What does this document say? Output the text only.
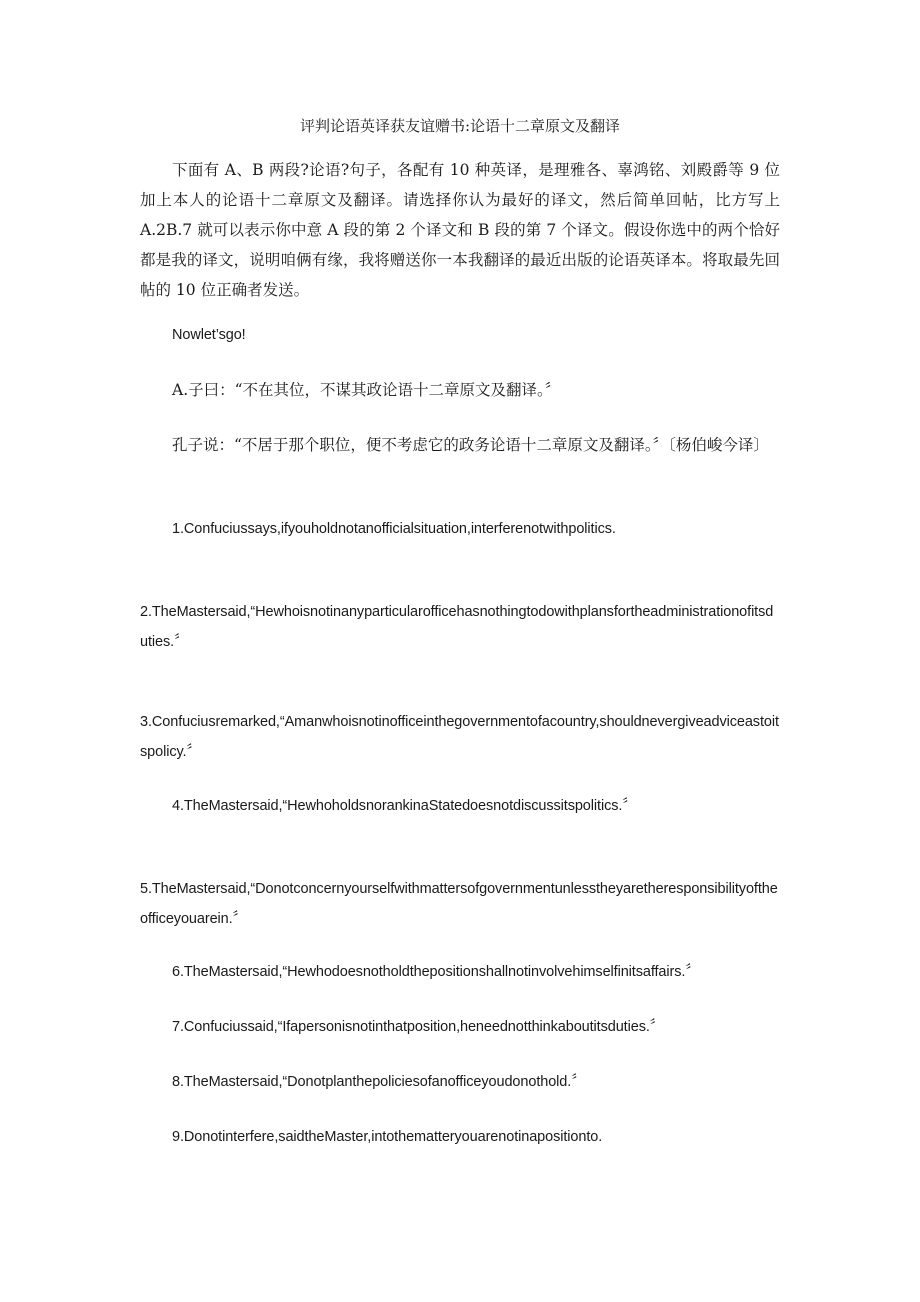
评判论语英译获友谊赠书:论语十二章原文及翻译
下面有 A、B 两段?论语?句子，各配有 10 种英译，是理雅各、辜鸿铭、刘殿爵等 9 位加上本人的论语十二章原文及翻译。请选择你认为最好的译文，然后简单回帖，比方写上 A.2B.7 就可以表示你中意 A 段的第 2 个译文和 B 段的第 7 个译文。假设你选中的两个恰好都是我的译文，说明咱俩有缘，我将赠送你一本我翻译的最近出版的论语英译本。将取最先回帖的 10 位正确者发送。
Nowlet’sgo!
A.子曰：“不在其位，不谋其政论语十二章原文及翻译。〞
孔子说：“不居于那个职位，便不考虑它的政务论语十二章原文及翻译。〞〔杨伯峻今译〕
1.Confuciussays,ifyouholdnotanofficialsituation,interferenotwithpolitics.
2.TheMastersaid,“Hewhoisnotinanyparticularofficehasnothingtodowithplansfortheadministrationofitsduties.〞
3.Confuciusremarked,“Amanwhoisnotinofficeinthegovernmentofacountry,shouldnevergiveadviceastoitspolicy.〞
4.TheMastersaid,“HewhoholdsnorankinaStatedoesnotdiscussitspolitics.〞
5.TheMastersaid,“Donotconcernyourselfwithmattersofgovernmentunlesstheyaretheresponsibilityoftheofficeyouarein.〞
6.TheMastersaid,“Hewhodoesnotholdthepositionshallnotinvolvehimselfinitsaffairs.〞
7.Confuciussaid,“Ifapersonisnotinthatposition,heneednotthinkaboutitsduties.〞
8.TheMastersaid,“Donotplanthepoliciesofanofficeyoudonothold.〞
9.Donotinterfere,saidtheMaster,intothematteryouarenotinapositionto.
